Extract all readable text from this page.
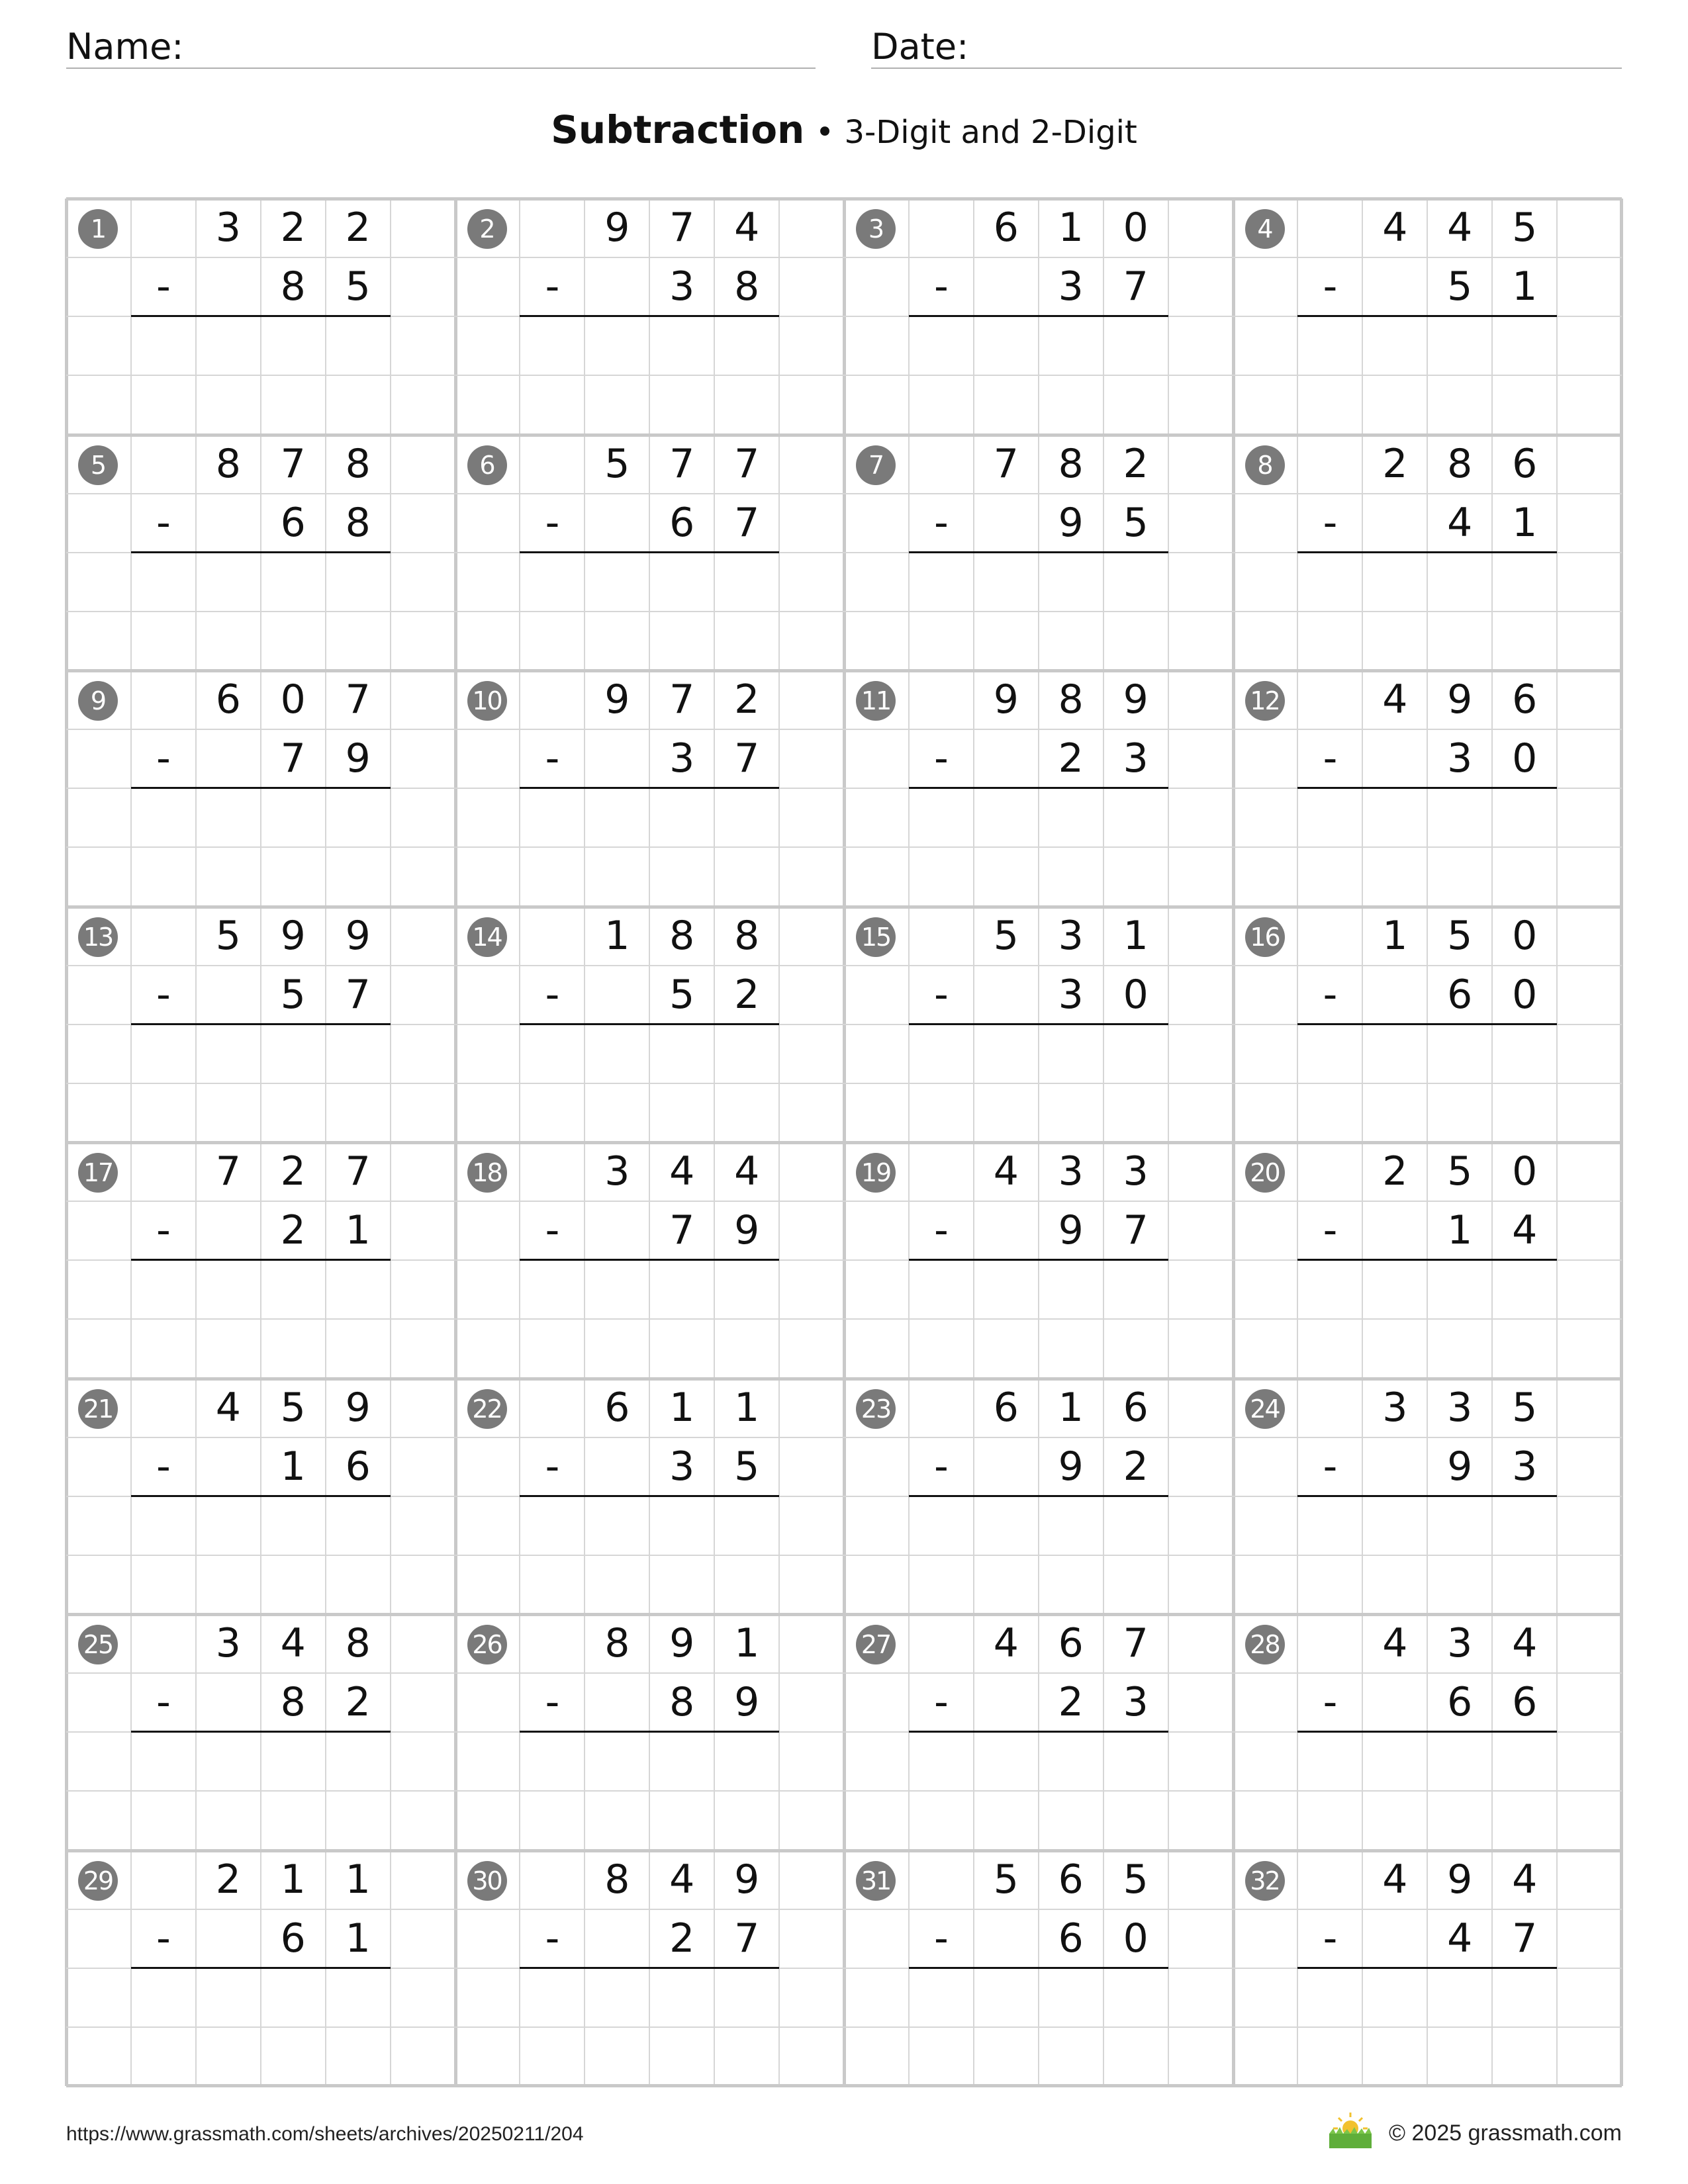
Name:	Date:
Subtraction • 3-Digit and 2-Digit
1	3 2 2
-	8 5
2	9 7 4
-	3 8
3	6 1 0
-	3 7
4	4 4 5
-	5 1
5	8 7 8
-	6 8
6	5 7 7
-	6 7
7	7 8 2
-	9 5
8	2 8 6
-	4 1
9	6 0 7
-	7 9
10	9 7 2
-	3 7
11	9 8 9
-	2 3
12	4 9 6
-	3 0
13	5 9 9
-	5 7
14	1 8 8
-	5 2
15	5 3 1
-	3 0
16	1 5 0
-	6 0
17	7 2 7
-	2 1
18	3 4 4
-	7 9
19	4 3 3
-	9 7
20	2 5 0
-	1 4
21	4 5 9
-	1 6
22	6 1 1
-	3 5
23	6 1 6
-	9 2
24	3 3 5
-	9 3
25	3 4 8
-	8 2
26	8 9 1
-	8 9
27	4 6 7
-	2 3
28	4 3 4
-	6 6
29	2 1 1
-	6 1
30	8 4 9
-	2 7
31	5 6 5
-	6 0
32	4 9 4
-	4 7
https://www.grassmath.com/sheets/archives/20250211/204	© 2025 grassmath.com
